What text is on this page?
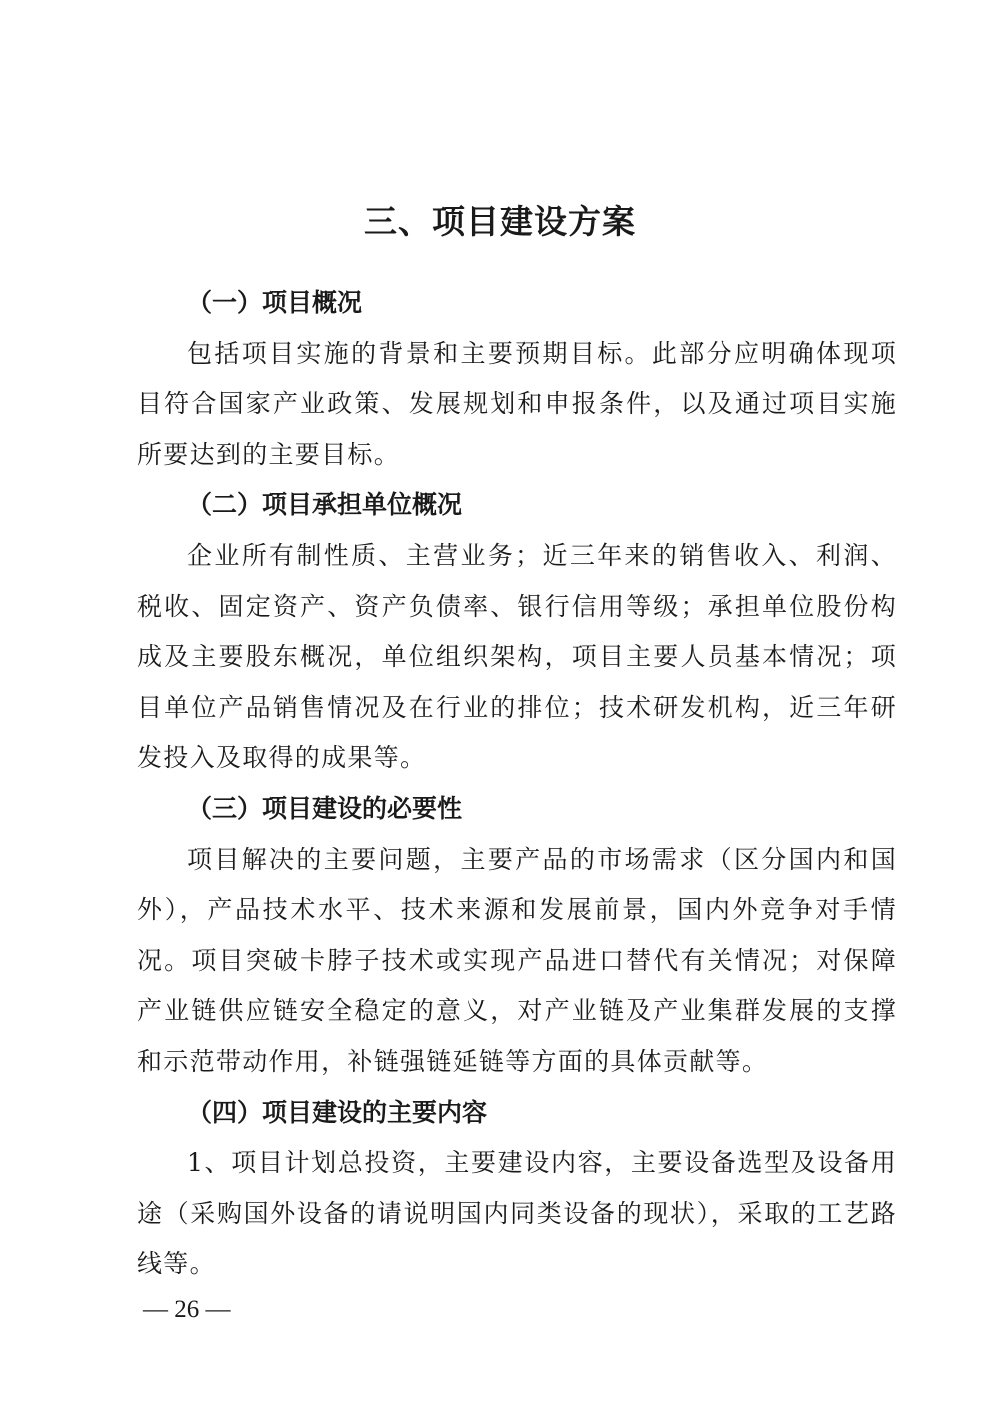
三、项目建设方案

（一）项目概况

包括项目实施的背景和主要预期目标。此部分应明确体现项目符合国家产业政策、发展规划和申报条件，以及通过项目实施所要达到的主要目标。

（二）项目承担单位概况

企业所有制性质、主营业务；近三年来的销售收入、利润、税收、固定资产、资产负债率、银行信用等级；承担单位股份构成及主要股东概况，单位组织架构，项目主要人员基本情况；项目单位产品销售情况及在行业的排位；技术研发机构，近三年研发投入及取得的成果等。

（三）项目建设的必要性

项目解决的主要问题，主要产品的市场需求（区分国内和国外），产品技术水平、技术来源和发展前景，国内外竞争对手情况。项目突破卡脖子技术或实现产品进口替代有关情况；对保障产业链供应链安全稳定的意义，对产业链及产业集群发展的支撑和示范带动作用，补链强链延链等方面的具体贡献等。

（四）项目建设的主要内容

1、项目计划总投资，主要建设内容，主要设备选型及设备用途（采购国外设备的请说明国内同类设备的现状），采取的工艺路线等。

— 26 —
